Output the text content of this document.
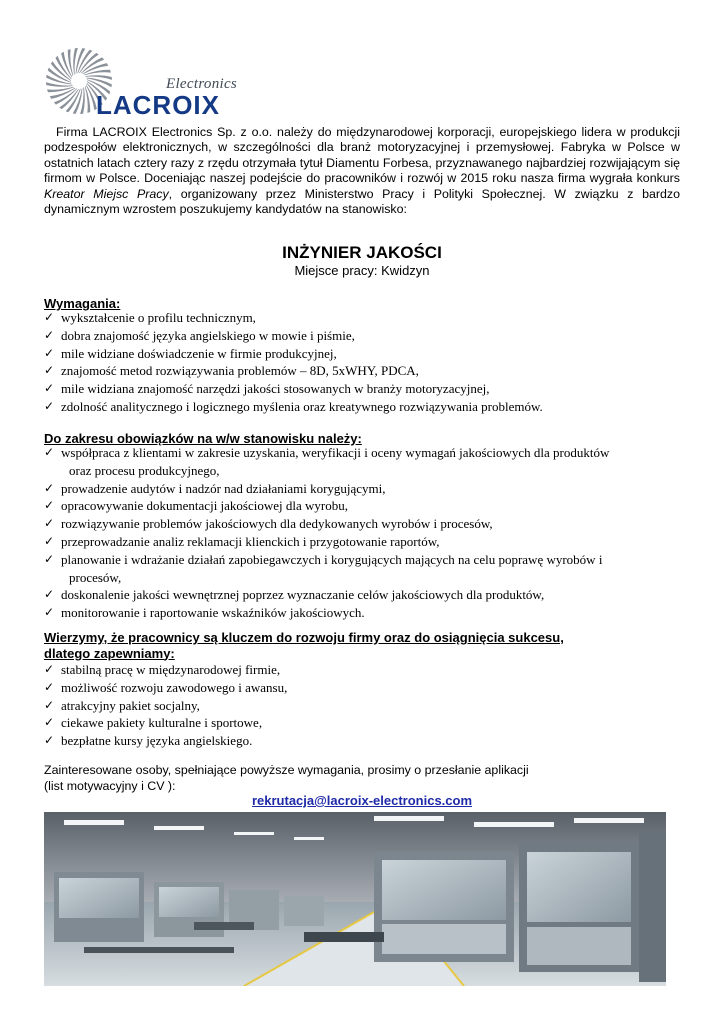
Electronics
LACROIX
Firma LACROIX Electronics Sp. z o.o. należy do międzynarodowej korporacji, europejskiego lidera w produkcji podzespołów elektronicznych, w szczególności dla branż motoryzacyjnej i przemysłowej. Fabryka w Polsce w ostatnich latach cztery razy z rzędu otrzymała tytuł Diamentu Forbesa, przyznawanego najbardziej rozwijającym się firmom w Polsce. Doceniając naszej podejście do pracowników i rozwój w 2015 roku nasza firma wygrała konkurs Kreator Miejsc Pracy, organizowany przez Ministerstwo Pracy i Polityki Społecznej. W związku z bardzo dynamicznym wzrostem poszukujemy kandydatów na stanowisko:
INŻYNIER JAKOŚCI
Miejsce pracy: Kwidzyn
Wymagania:
✓ wykształcenie o profilu technicznym,
✓ dobra znajomość języka angielskiego w mowie i piśmie,
✓ mile widziane doświadczenie w firmie produkcyjnej,
✓ znajomość metod rozwiązywania problemów – 8D, 5xWHY, PDCA,
✓ mile widziana znajomość narzędzi jakości stosowanych w branży motoryzacyjnej,
✓ zdolność analitycznego i logicznego myślenia oraz kreatywnego rozwiązywania problemów.
Do zakresu obowiązków na w/w stanowisku należy:
✓ współpraca z klientami w zakresie uzyskania, weryfikacji i oceny wymagań jakościowych dla produktów
oraz procesu produkcyjnego,
✓ prowadzenie audytów i nadzór nad działaniami korygującymi,
✓ opracowywanie dokumentacji jakościowej dla wyrobu,
✓ rozwiązywanie problemów jakościowych dla dedykowanych wyrobów i procesów,
✓ przeprowadzanie analiz reklamacji klienckich i przygotowanie raportów,
✓ planowanie i wdrażanie działań zapobiegawczych i korygujących mających na celu poprawę wyrobów i
procesów,
✓ doskonalenie jakości wewnętrznej poprzez wyznaczanie celów jakościowych dla produktów,
✓ monitorowanie i raportowanie wskaźników jakościowych.
Wierzymy, że pracownicy są kluczem do rozwoju firmy oraz do osiągnięcia sukcesu,
dlatego zapewniamy:
✓ stabilną pracę w międzynarodowej firmie,
✓ możliwość rozwoju zawodowego i awansu,
✓ atrakcyjny pakiet socjalny,
✓ ciekawe pakiety kulturalne i sportowe,
✓ bezpłatne kursy języka angielskiego.
Zainteresowane osoby, spełniające powyższe wymagania, prosimy o przesłanie aplikacji
(list motywacyjny i CV ):
rekrutacja@lacroix-electronics.com
